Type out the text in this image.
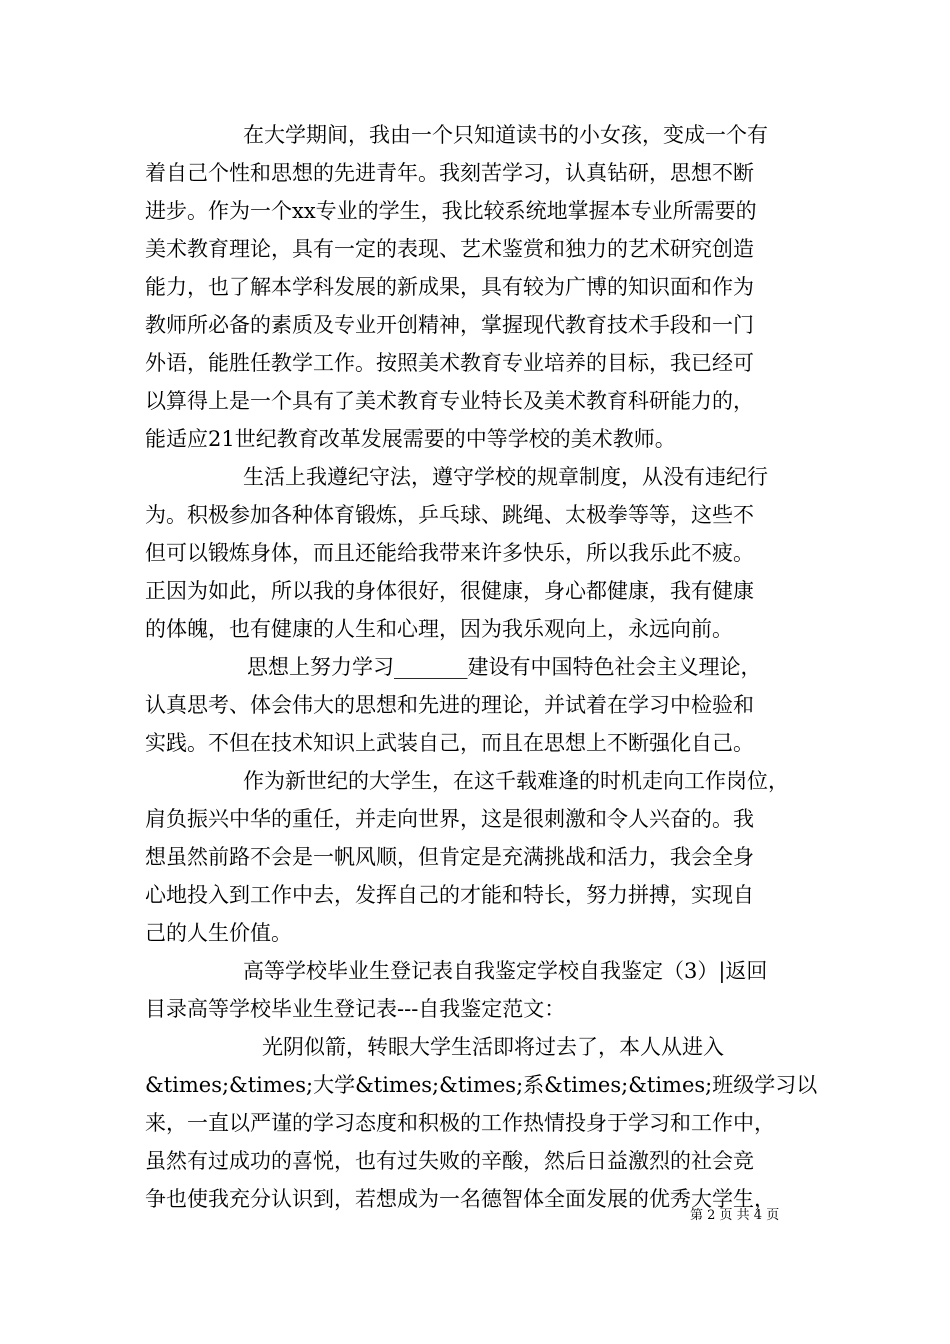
在大学期间，我由一个只知道读书的小女孩，变成一个有
着自己个性和思想的先进青年。我刻苦学习，认真钻研，思想不断
进步。作为一个xx专业的学生，我比较系统地掌握本专业所需要的
美术教育理论，具有一定的表现、艺术鉴赏和独力的艺术研究创造
能力，也了解本学科发展的新成果，具有较为广博的知识面和作为
教师所必备的素质及专业开创精神，掌握现代教育技术手段和一门
外语，能胜任教学工作。按照美术教育专业培养的目标，我已经可
以算得上是一个具有了美术教育专业特长及美术教育科研能力的，
能适应21世纪教育改革发展需要的中等学校的美术教师。
生活上我遵纪守法，遵守学校的规章制度，从没有违纪行
为。积极参加各种体育锻炼，乒乓球、跳绳、太极拳等等，这些不
但可以锻炼身体，而且还能给我带来许多快乐，所以我乐此不疲。
正因为如此，所以我的身体很好，很健康，身心都健康，我有健康
的体魄，也有健康的人生和心理，因为我乐观向上，永远向前。
思想上努力学习_______建设有中国特色社会主义理论，
认真思考、体会伟大的思想和先进的理论，并试着在学习中检验和
实践。不但在技术知识上武装自己，而且在思想上不断强化自己。
作为新世纪的大学生，在这千载难逢的时机走向工作岗位，
肩负振兴中华的重任，并走向世界，这是很刺激和令人兴奋的。我
想虽然前路不会是一帆风顺，但肯定是充满挑战和活力，我会全身
心地投入到工作中去，发挥自己的才能和特长，努力拼搏，实现自
己的人生价值。
高等学校毕业生登记表自我鉴定学校自我鉴定（3）|返回
目录高等学校毕业生登记表---自我鉴定范文：
光阴似箭，转眼大学生活即将过去了，本人从进入
&times;&times;大学&times;&times;系&times;&times;班级学习以
来，一直以严谨的学习态度和积极的工作热情投身于学习和工作中，
虽然有过成功的喜悦，也有过失败的辛酸，然后日益激烈的社会竞
争也使我充分认识到，若想成为一名德智体全面发展的优秀大学生，
第 2 页 共 4 页
